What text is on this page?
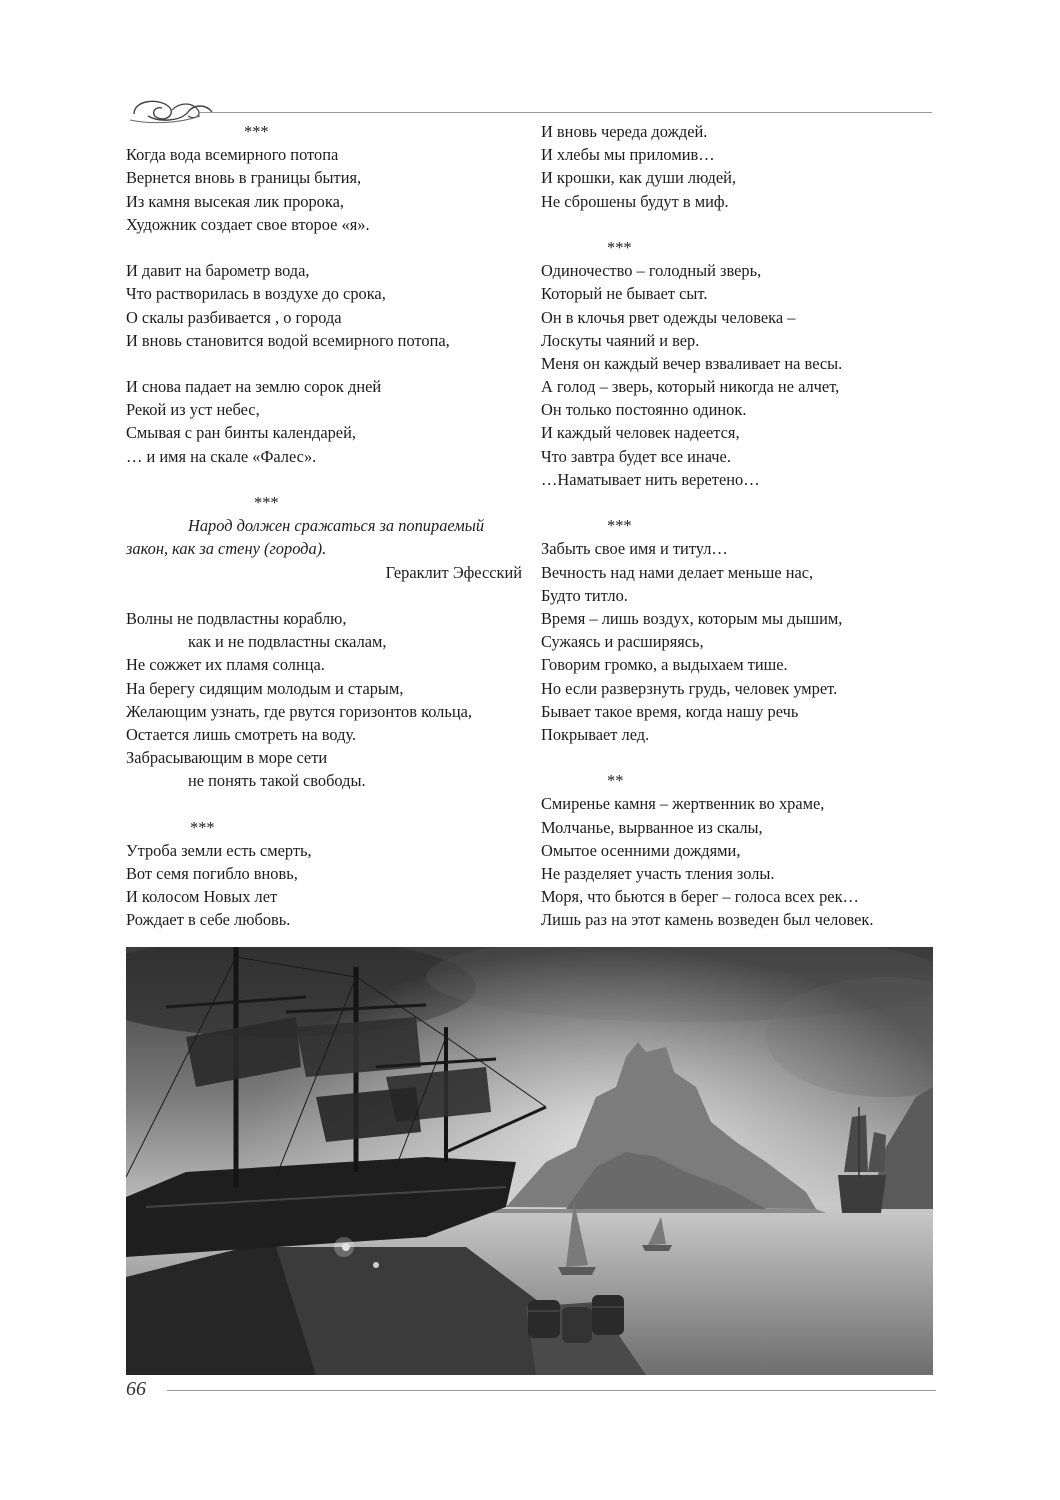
***
Когда вода всемирного потопа
Вернется вновь в границы бытия,
Из камня высекая лик пророка,
Художник создает свое второе «я».
И давит на барометр вода,
Что растворилась в воздухе до срока,
О скалы разбивается , о города
И вновь становится водой всемирного потопа,
И снова падает на землю сорок дней
Рекой из уст небес,
Смывая с ран бинты календарей,
… и имя на скале «Фалес».
***
Народ должен сражаться за попираемый
закон, как за стену (города).
Гераклит Эфесский
Волны не подвластны кораблю,
как и не подвластны скалам,
Не сожжет их пламя солнца.
На берегу сидящим молодым и старым,
Желающим узнать, где рвутся горизонтов кольца,
Остается лишь смотреть на воду.
Забрасывающим в море сети
не понять такой свободы.
***
Утроба земли есть смерть,
Вот семя погибло вновь,
И колосом Новых лет
Рождает в себе любовь.
И вновь череда дождей.
И хлебы мы приломив…
И крошки, как души людей,
Не сброшены будут в миф.
***
Одиночество – голодный зверь,
Который не бывает сыт.
Он в клочья рвет одежды человека –
Лоскуты чаяний и вер.
Меня он каждый вечер взваливает на весы.
А голод – зверь, который никогда не алчет,
Он только постоянно одинок.
И каждый человек надеется,
Что завтра будет все иначе.
…Наматывает нить веретено…
***
Забыть свое имя и титул…
Вечность над нами делает меньше нас,
Будто титло.
Время – лишь воздух, которым мы дышим,
Сужаясь и расширяясь,
Говорим громко, а выдыхаем тише.
Но если разверзнуть грудь, человек умрет.
Бывает такое время, когда нашу речь
Покрывает лед.
**
Смиренье камня – жертвенник во храме,
Молчанье, вырванное из скалы,
Омытое осенними дождями,
Не разделяет участь тления золы.
Моря, что бьются в берег – голоса всех рек…
Лишь раз на этот камень возведен был человек.
66
